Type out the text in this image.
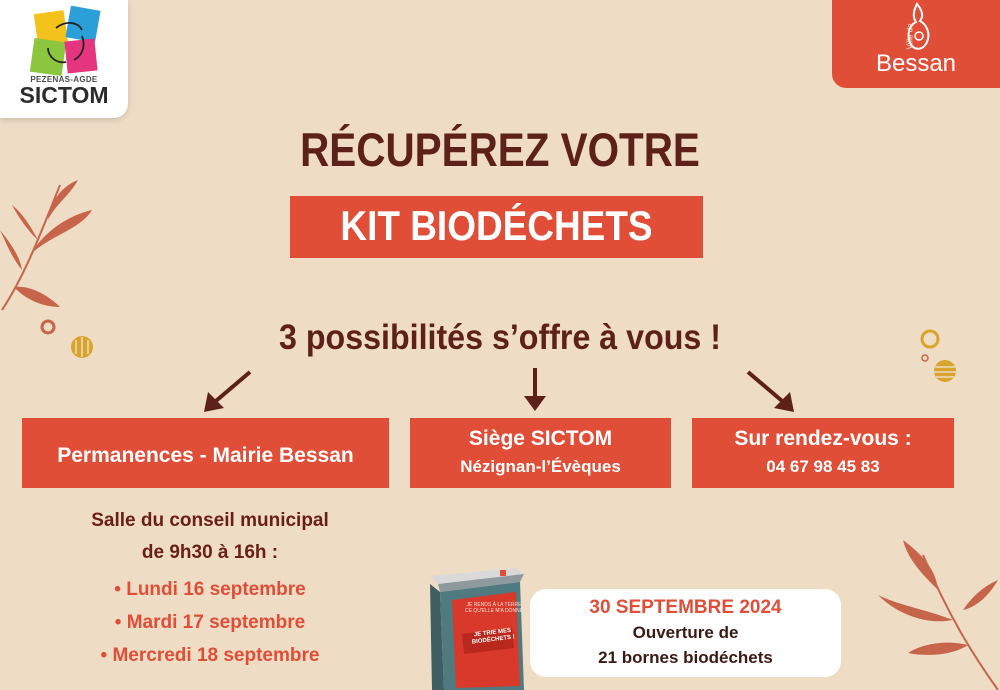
PEZENAS-AGDE
SICTOM
Ville de
Bessan
RÉCUPÉREZ VOTRE
KIT BIODÉCHETS
3 possibilités s’offre à vous !
Permanences - Mairie Bessan
Siège SICTOM
Nézignan-l’Évèques
Sur rendez-vous :
04 67 98 45 83
Salle du conseil municipal
de 9h30 à 16h :
• Lundi 16 septembre
• Mardi 17 septembre
• Mercredi 18 septembre
30 SEPTEMBRE 2024
Ouverture de
21 bornes biodéchets
JE RENDS À LA TERRE CE QU'ELLE M'A DONNÉ
JE TRIE MES BIODÉCHETS !
